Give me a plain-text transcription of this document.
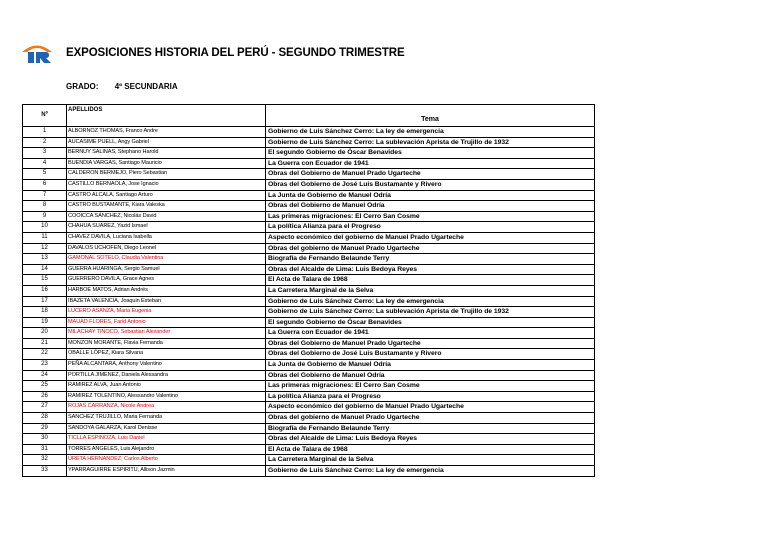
EXPOSICIONES HISTORIA DEL PERÚ - SEGUNDO TRIMESTRE
GRADO: 4º SECUNDARIA
Nº	APELLIDOS	Tema
1	ALBORNOZ THOMAS, Franco Andre	Gobierno de Luis Sánchez Cerro: La ley de emergencia
2	AUCASIME PUELL, Angy Gabriel	Gobierno de Luis Sánchez Cerro: La sublevación Aprista de Trujillo de 1932
3	BERNUY SALINAS, Stephano Harold	El segundo Gobierno de Óscar Benavides
4	BUENDIA VARGAS, Santiago Mauricio	La Guerra con Ecuador de 1941
5	CALDERON BERMEJO, Piero Sebastian	Obras del Gobierno de Manuel Prado Ugarteche
6	CASTILLO BERNAOLA, Jose Ignacio	Obras del Gobierno de José Luis Bustamante y Rivero
7	CASTRO ALCALA, Santiago Arturo	La Junta de Gobierno de Manuel Odría
8	CASTRO BUSTAMANTE, Kiara Valeska	Obras del Gobierno de Manuel Odría
9	COOICCA SÁNCHEZ, Nicolás David	Las primeras migraciones: El Cerro San Cosme
10	CHAHUA SUAREZ, Yazid Ismael	La política Alianza para el Progreso
11	CHAVEZ DAVILA, Luciana Isabella	Aspecto económico del gobierno de Manuel Prado Ugarteche
12	DAVALOS UCHOFEN, Diego Leonel	Obras del gobierno de Manuel Prado Ugarteche
13	GAMONAL SOTELO, Claudia Valentina	Biografía de Fernando Belaunde Terry
14	GUERRA HUARINGA, Sergio Samuel	Obras del Alcalde de Lima: Luis Bedoya Reyes
15	GUERRERO DAVILA, Grace Agnes	El Acta de Talara de 1968
16	HARBOE MATOS, Adrian Andrés	La Carretera Marginal de la Selva
17	IBAZETA VALENCIA, Joaquin Esteban	Gobierno de Luis Sánchez Cerro: La ley de emergencia
18	LUCERO ASANZA, Maria Eugenia	Gobierno de Luis Sánchez Cerro: La sublevación Aprista de Trujillo de 1932
19	MAUAD FLORES, Farid Antonio	El segundo Gobierno de Óscar Benavides
20	MILACHAY TINOCO, Sebastian Alexander	La Guerra con Ecuador de 1941
21	MONZON MORANTE, Flavia Fernanda	Obras del Gobierno de Manuel Prado Ugarteche
22	OBALLE LÓPEZ, Kiara Silvana	Obras del Gobierno de José Luis Bustamante y Rivero
23	PEÑA ALCANTARA, Anthony Valentino	La Junta de Gobierno de Manuel Odría
24	PORTILLA JIMENEZ, Daniela Alessandra	Obras del Gobierno de Manuel Odría
25	RAMIREZ ALVA, Juan Antonio	Las primeras migraciones: El Cerro San Cosme
26	RAMIREZ TOLENTINO, Alessandro Valentino	La política Alianza para el Progreso
27	ROJAS CARRANZA, Nicole Andrea	Aspecto económico del gobierno de Manuel Prado Ugarteche
28	SANCHEZ TRUJILLO, Maria Fernanda	Obras del gobierno de Manuel Prado Ugarteche
29	SANDOYA GALARZA, Karol Denisse	Biografía de Fernando Belaunde Terry
30	TICLLA ESPINOZA, Luis Daniel	Obras del Alcalde de Lima: Luis Bedoya Reyes
31	TORRES ANGELES, Luis Alejandro	El Acta de Talara de 1968
32	URETA HERNANDEZ, Carlos Alberto	La Carretera Marginal de la Selva
33	YPARRAGUIRRE ESPIRITU, Allison Jazmin	Gobierno de Luis Sánchez Cerro: La ley de emergencia
